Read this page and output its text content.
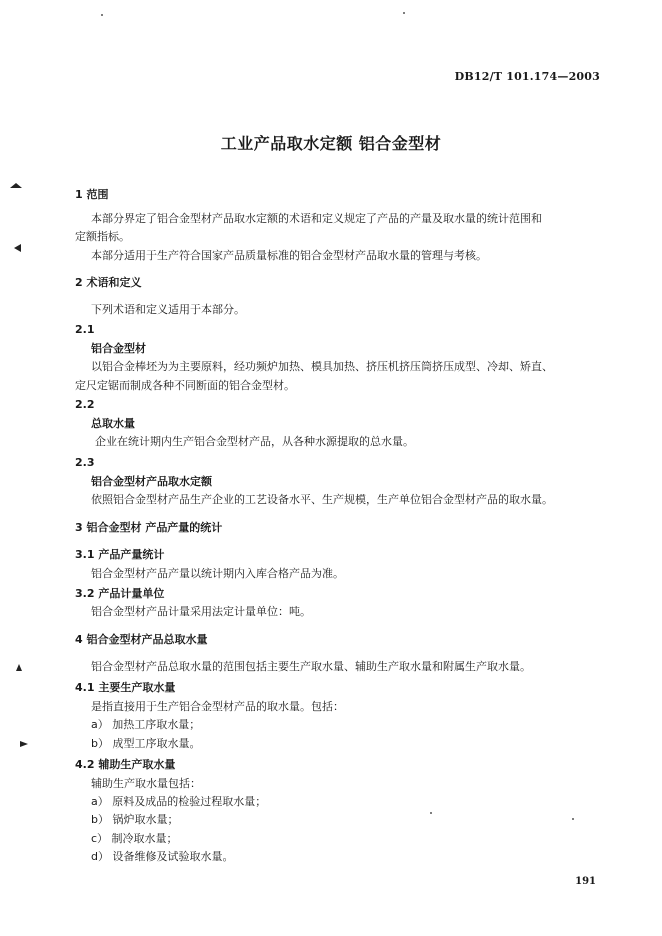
DB12/T 101.174—2003
工业产品取水定额 铝合金型材
1 范围
本部分界定了铝合金型材产品取水定额的术语和定义规定了产品的产量及取水量的统计范围和
定额指标。
本部分适用于生产符合国家产品质量标准的铝合金型材产品取水量的管理与考核。
2 术语和定义
下列术语和定义适用于本部分。
2.1
铝合金型材
以铝合金棒坯为为主要原料，经功频炉加热、模具加热、挤压机挤压筒挤压成型、冷却、矫直、
定尺定锯而制成各种不同断面的铝合金型材。
2.2
总取水量
企业在统计期内生产铝合金型材产品，从各种水源提取的总水量。
2.3
铝合金型材产品取水定额
依照铝合金型材产品生产企业的工艺设备水平、生产规模，生产单位铝合金型材产品的取水量。
3 铝合金型材 产品产量的统计
3.1 产品产量统计
铝合金型材产品产量以统计期内入库合格产品为准。
3.2 产品计量单位
铝合金型材产品计量采用法定计量单位：吨。
4 铝合金型材产品总取水量
铝合金型材产品总取水量的范围包括主要生产取水量、辅助生产取水量和附属生产取水量。
4.1 主要生产取水量
是指直接用于生产铝合金型材产品的取水量。包括：
a） 加热工序取水量；
b） 成型工序取水量。
4.2 辅助生产取水量
辅助生产取水量包括：
a） 原料及成品的检验过程取水量；
b） 锅炉取水量；
c） 制冷取水量；
d） 设备维修及试验取水量。
191
